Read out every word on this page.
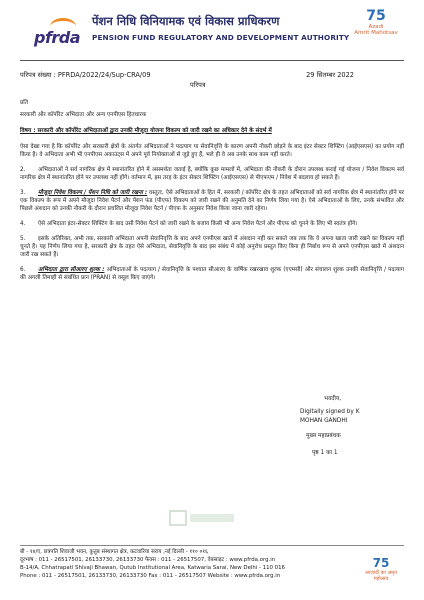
pfrda
पेंशन निधि विनियामक एवं विकास प्राधिकरण
PENSION FUND REGULATORY AND DEVELOPMENT AUTHORITY
75
Azadi
Amrit Mahotsav
परिपत्र संख्या : PFRDA/2022/24/Sup-CRA/09	29 सितम्बर 2022
परिपत्र

प्रति

सरकारी और कॉर्पोरेट अभिदाता और अन्य एनपीएस हितधारक

विषय : सरकारी और कॉर्पोरेट अभिदाताओं द्वारा उनकी मौजूदा योजना विकल्प को जारी रखने का अधिकार देने के संदर्भ में

ऐसा देखा गया है कि कॉर्पोरेट और सरकारी क्षेत्रों के अंतर्गत अभिदाताओं ने पदत्याग या सेवानिवृत्ति के कारण अपनी नौकरी छोड़ने के बाद इंटर सेक्टर शिफ्टिंग (आईएसएस) का प्रयोग नहीं किया है। वे अभिदाता अभी भी एनपीएस अकाउंट्स में अपने पूर्व नियोक्ताओं से जुड़े हुए हैं, भले ही वे अब उनके साथ काम नहीं करते।

2. अभिदाताओं ने सर्व नागरिक क्षेत्र में स्थानांतरित होने में असमर्थता जताई है, क्योंकि कुछ मामलों में, अभिदाता की नौकरी के दौरान उपलब्ध कराई गई योजना / निवेश विकल्प सर्व नागरिक क्षेत्र में स्थानांतरित होने पर उपलब्ध नहीं होंगे। वर्तमान में, इस तरह के इंटर सेक्टर शिफ्टिंग (आईएसएस) से पीएफएम / निवेश में बदलाव हो सकते हैं।

3. मौजूदा निवेश विकल्प / पेंशन निधि को जारी रखना : वस्तुतः, ऐसे अभिदाताओं के हित में, सरकारी / कॉर्पोरेट क्षेत्र के तहत अभिदाताओं को सर्व नागरिक क्षेत्र में स्थानांतरित होने पर एक विकल्प के रूप में अपने मौजूदा निवेश पैटर्न और पेंशन फंड (पीएफ) विकल्प को जारी रखने की अनुमति देने का निर्णय लिया गया है। ऐसे अभिदाताओं के लिए, उनके संभावित और पिछले अंशदान को उनकी नौकरी के दौरान प्रचलित मौजूदा निवेश पैटर्न / पीएफ के अनुसार निवेश किया जाना जारी रहेगा।

4. ऐसे अभिदाता इंटर-सेक्टर शिफ्टिंग के बाद उसी निवेश पैटर्न को जारी रखने के बजाय किसी भी अन्य निवेश पैटर्न और पीएफ को चुनने के लिए भी स्वतंत्र होंगे।

5. इसके अतिरिक्त, अभी तक, सरकारी अभिदाता अपनी सेवानिवृत्ति के बाद अपने एनपीएस खाते में अंशदान नहीं कर सकते जब तक कि वे अपना खाता जारी रखने का विकल्प नहीं चुनते हैं। यह निर्णय लिया गया है, सरकारी क्षेत्र के तहत ऐसे अभिदाता, सेवानिवृत्ति के बाद इस संबंध में कोई अनुरोध प्रस्तुत किए बिना ही निर्बाध रूप से अपने एनपीएस खाते में अंशदान जारी रख सकते हैं।

6. अभिदाता द्वारा सीआरए शुल्क : अभिदाताओं के पदत्याग / सेवानिवृत्ति के पश्चात सीआरए के वार्षिक रखरखाव शुल्क (एएमसी) और संचालन शुल्क उनकी सेवानिवृत्ति / पदत्याग की अगली तिमाही से संबंधित प्रान (PRAN) से वसूल किए जाएंगे।

भवदीय,
Digitally signed by K
MOHAN GANDHI
मुख्य महाप्रबंधक
पृष्ठ 1 का 1
बी - १४/ए, छत्रपति शिवाजी भवन, कुतुब संस्थागत क्षेत्र, कटवारिया सराय ,नई दिल्ली - ११० ०१६
दूरभाष : 011 - 26517501, 26133730, 26133730 फैक्स : 011 - 26517507, वेबसाइट : www.pfrda.org.in
B-14/A, Chhatrapati Shivaji Bhawan, Qutub Institutional Area, Katwaria Sarai, New Delhi - 110 016
Phone : 011 - 26517501, 26133730, 26133730 Fax : 011 - 26517507 Website : www.pfrda.org.in
75
आज़ादी का अमृत महोत्सव
